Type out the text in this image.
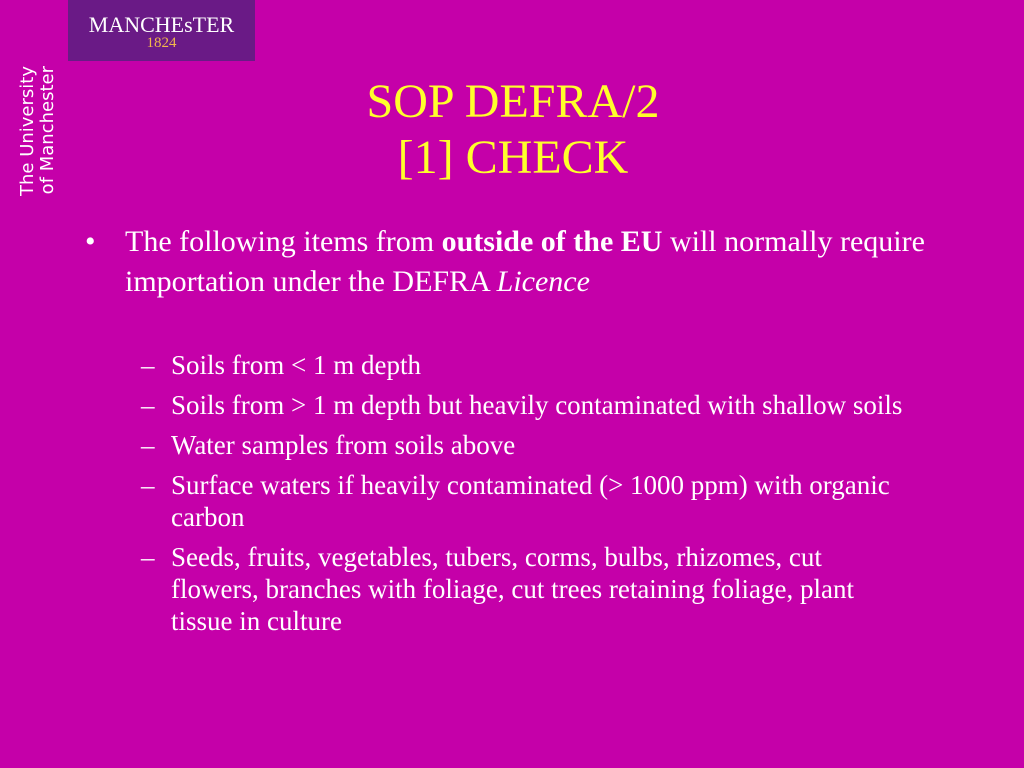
MANCHEsTER
1824
The University of Manchester	SOP DEFRA/2
[1] CHECK
• The following items from outside of the EU will normally require importation under the DEFRA Licence
– Soils from < 1 m depth
– Soils from > 1 m depth but heavily contaminated with shallow soils
– Water samples from soils above
– Surface waters if heavily contaminated (> 1000 ppm) with organic carbon
– Seeds, fruits, vegetables, tubers, corms, bulbs, rhizomes, cut flowers, branches with foliage, cut trees retaining foliage, plant tissue in culture
